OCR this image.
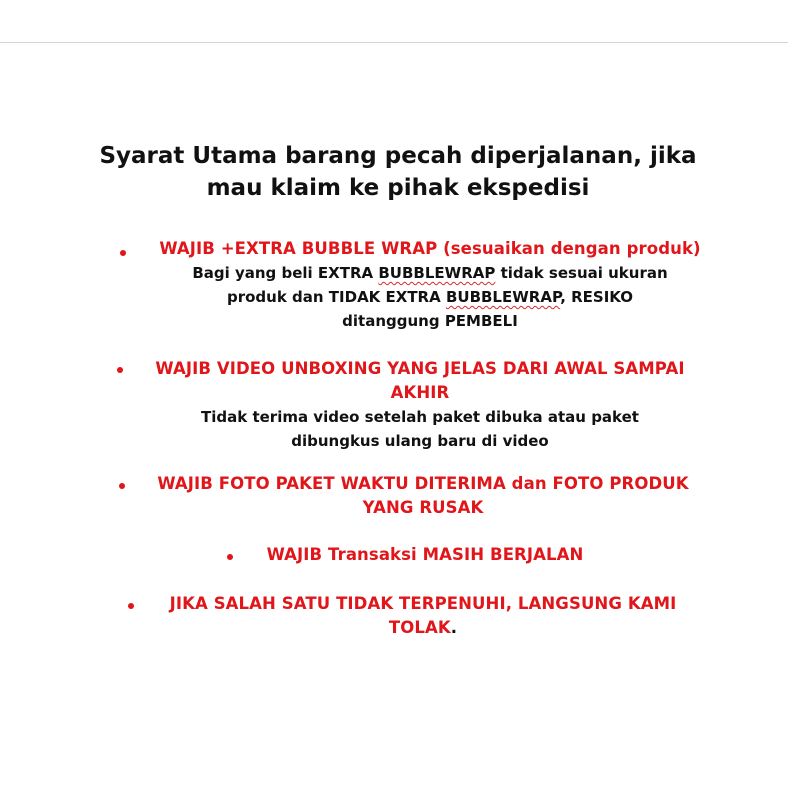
Syarat Utama barang pecah diperjalanan, jika
mau klaim ke pihak ekspedisi
WAJIB +EXTRA BUBBLE WRAP (sesuaikan dengan produk)
Bagi yang beli EXTRA BUBBLEWRAP tidak sesuai ukuran
produk dan TIDAK EXTRA BUBBLEWRAP, RESIKO
ditanggung PEMBELI
WAJIB VIDEO UNBOXING YANG JELAS DARI AWAL SAMPAI
AKHIR
Tidak terima video setelah paket dibuka atau paket
dibungkus ulang baru di video
WAJIB FOTO PAKET WAKTU DITERIMA dan FOTO PRODUK
YANG RUSAK
WAJIB Transaksi MASIH BERJALAN
JIKA SALAH SATU TIDAK TERPENUHI, LANGSUNG KAMI
TOLAK.
